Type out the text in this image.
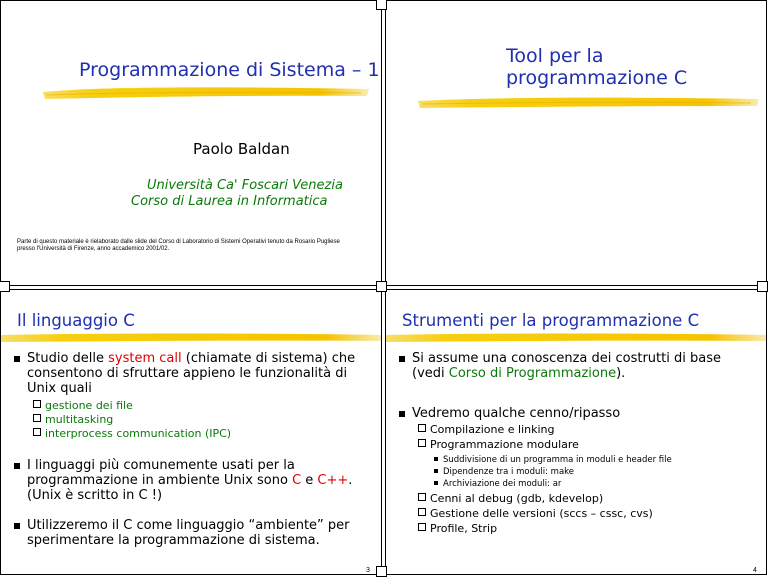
Programmazione di Sistema – 1
Paolo Baldan
Università Ca' Foscari Venezia
Corso di Laurea in Informatica
Parte di questo materiale è rielaborato dalle slide del Corso di Laboratorio di Sistemi Operativi tenuto da Rosario Pugliese
presso l'Università di Firenze, anno accademico 2001/02.
Tool per la
programmazione C
Il linguaggio C
Studio delle system call (chiamate di sistema) che
consentono di sfruttare appieno le funzionalità di
Unix quali
gestione dei file
multitasking
interprocess communication (IPC)
I linguaggi più comunemente usati per la
programmazione in ambiente Unix sono C e C++.
(Unix è scritto in C !)
Utilizzeremo il C come linguaggio “ambiente” per
sperimentare la programmazione di sistema.
3
Strumenti per la programmazione C
Si assume una conoscenza dei costrutti di base
(vedi Corso di Programmazione).
Vedremo qualche cenno/ripasso
Compilazione e linking
Programmazione modulare
Suddivisione di un programma in moduli e header file
Dipendenze tra i moduli: make
Archiviazione dei moduli: ar
Cenni al debug (gdb, kdevelop)
Gestione delle versioni (sccs – cssc, cvs)
Profile, Strip
4
